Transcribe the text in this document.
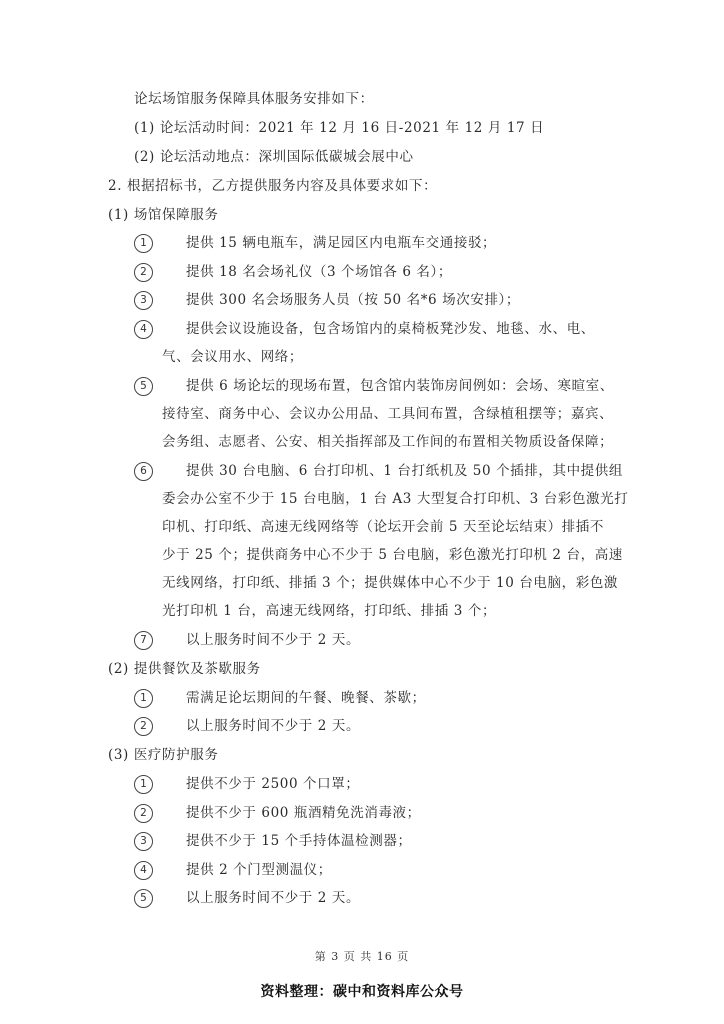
论坛场馆服务保障具体服务安排如下：
(1) 论坛活动时间：2021 年 12 月 16 日-2021 年 12 月 17 日
(2) 论坛活动地点：深圳国际低碳城会展中心
2. 根据招标书，乙方提供服务内容及具体要求如下：
(1) 场馆保障服务
1	提供 15 辆电瓶车，满足园区内电瓶车交通接驳；
2	提供 18 名会场礼仪（3 个场馆各 6 名）；
3	提供 300 名会场服务人员（按 50 名*6 场次安排）；
4	提供会议设施设备，包含场馆内的桌椅板凳沙发、地毯、水、电、
气、会议用水、网络；
5	提供 6 场论坛的现场布置，包含馆内装饰房间例如：会场、寒暄室、
接待室、商务中心、会议办公用品、工具间布置，含绿植租摆等；嘉宾、
会务组、志愿者、公安、相关指挥部及工作间的布置相关物质设备保障；
6	提供 30 台电脑、6 台打印机、1 台打纸机及 50 个插排，其中提供组
委会办公室不少于 15 台电脑，1 台 A3 大型复合打印机、3 台彩色激光打
印机、打印纸、高速无线网络等（论坛开会前 5 天至论坛结束）排插不
少于 25 个；提供商务中心不少于 5 台电脑，彩色激光打印机 2 台，高速
无线网络，打印纸、排插 3 个；提供媒体中心不少于 10 台电脑，彩色激
光打印机 1 台，高速无线网络，打印纸、排插 3 个；
7	以上服务时间不少于 2 天。
(2) 提供餐饮及茶歇服务
1	需满足论坛期间的午餐、晚餐、茶歇；
2	以上服务时间不少于 2 天。
(3) 医疗防护服务
1	提供不少于 2500 个口罩；
2	提供不少于 600 瓶酒精免洗消毒液；
3	提供不少于 15 个手持体温检测器；
4	提供 2 个门型测温仪；
5	以上服务时间不少于 2 天。
第 3 页 共 16 页
资料整理：碳中和资料库公众号
